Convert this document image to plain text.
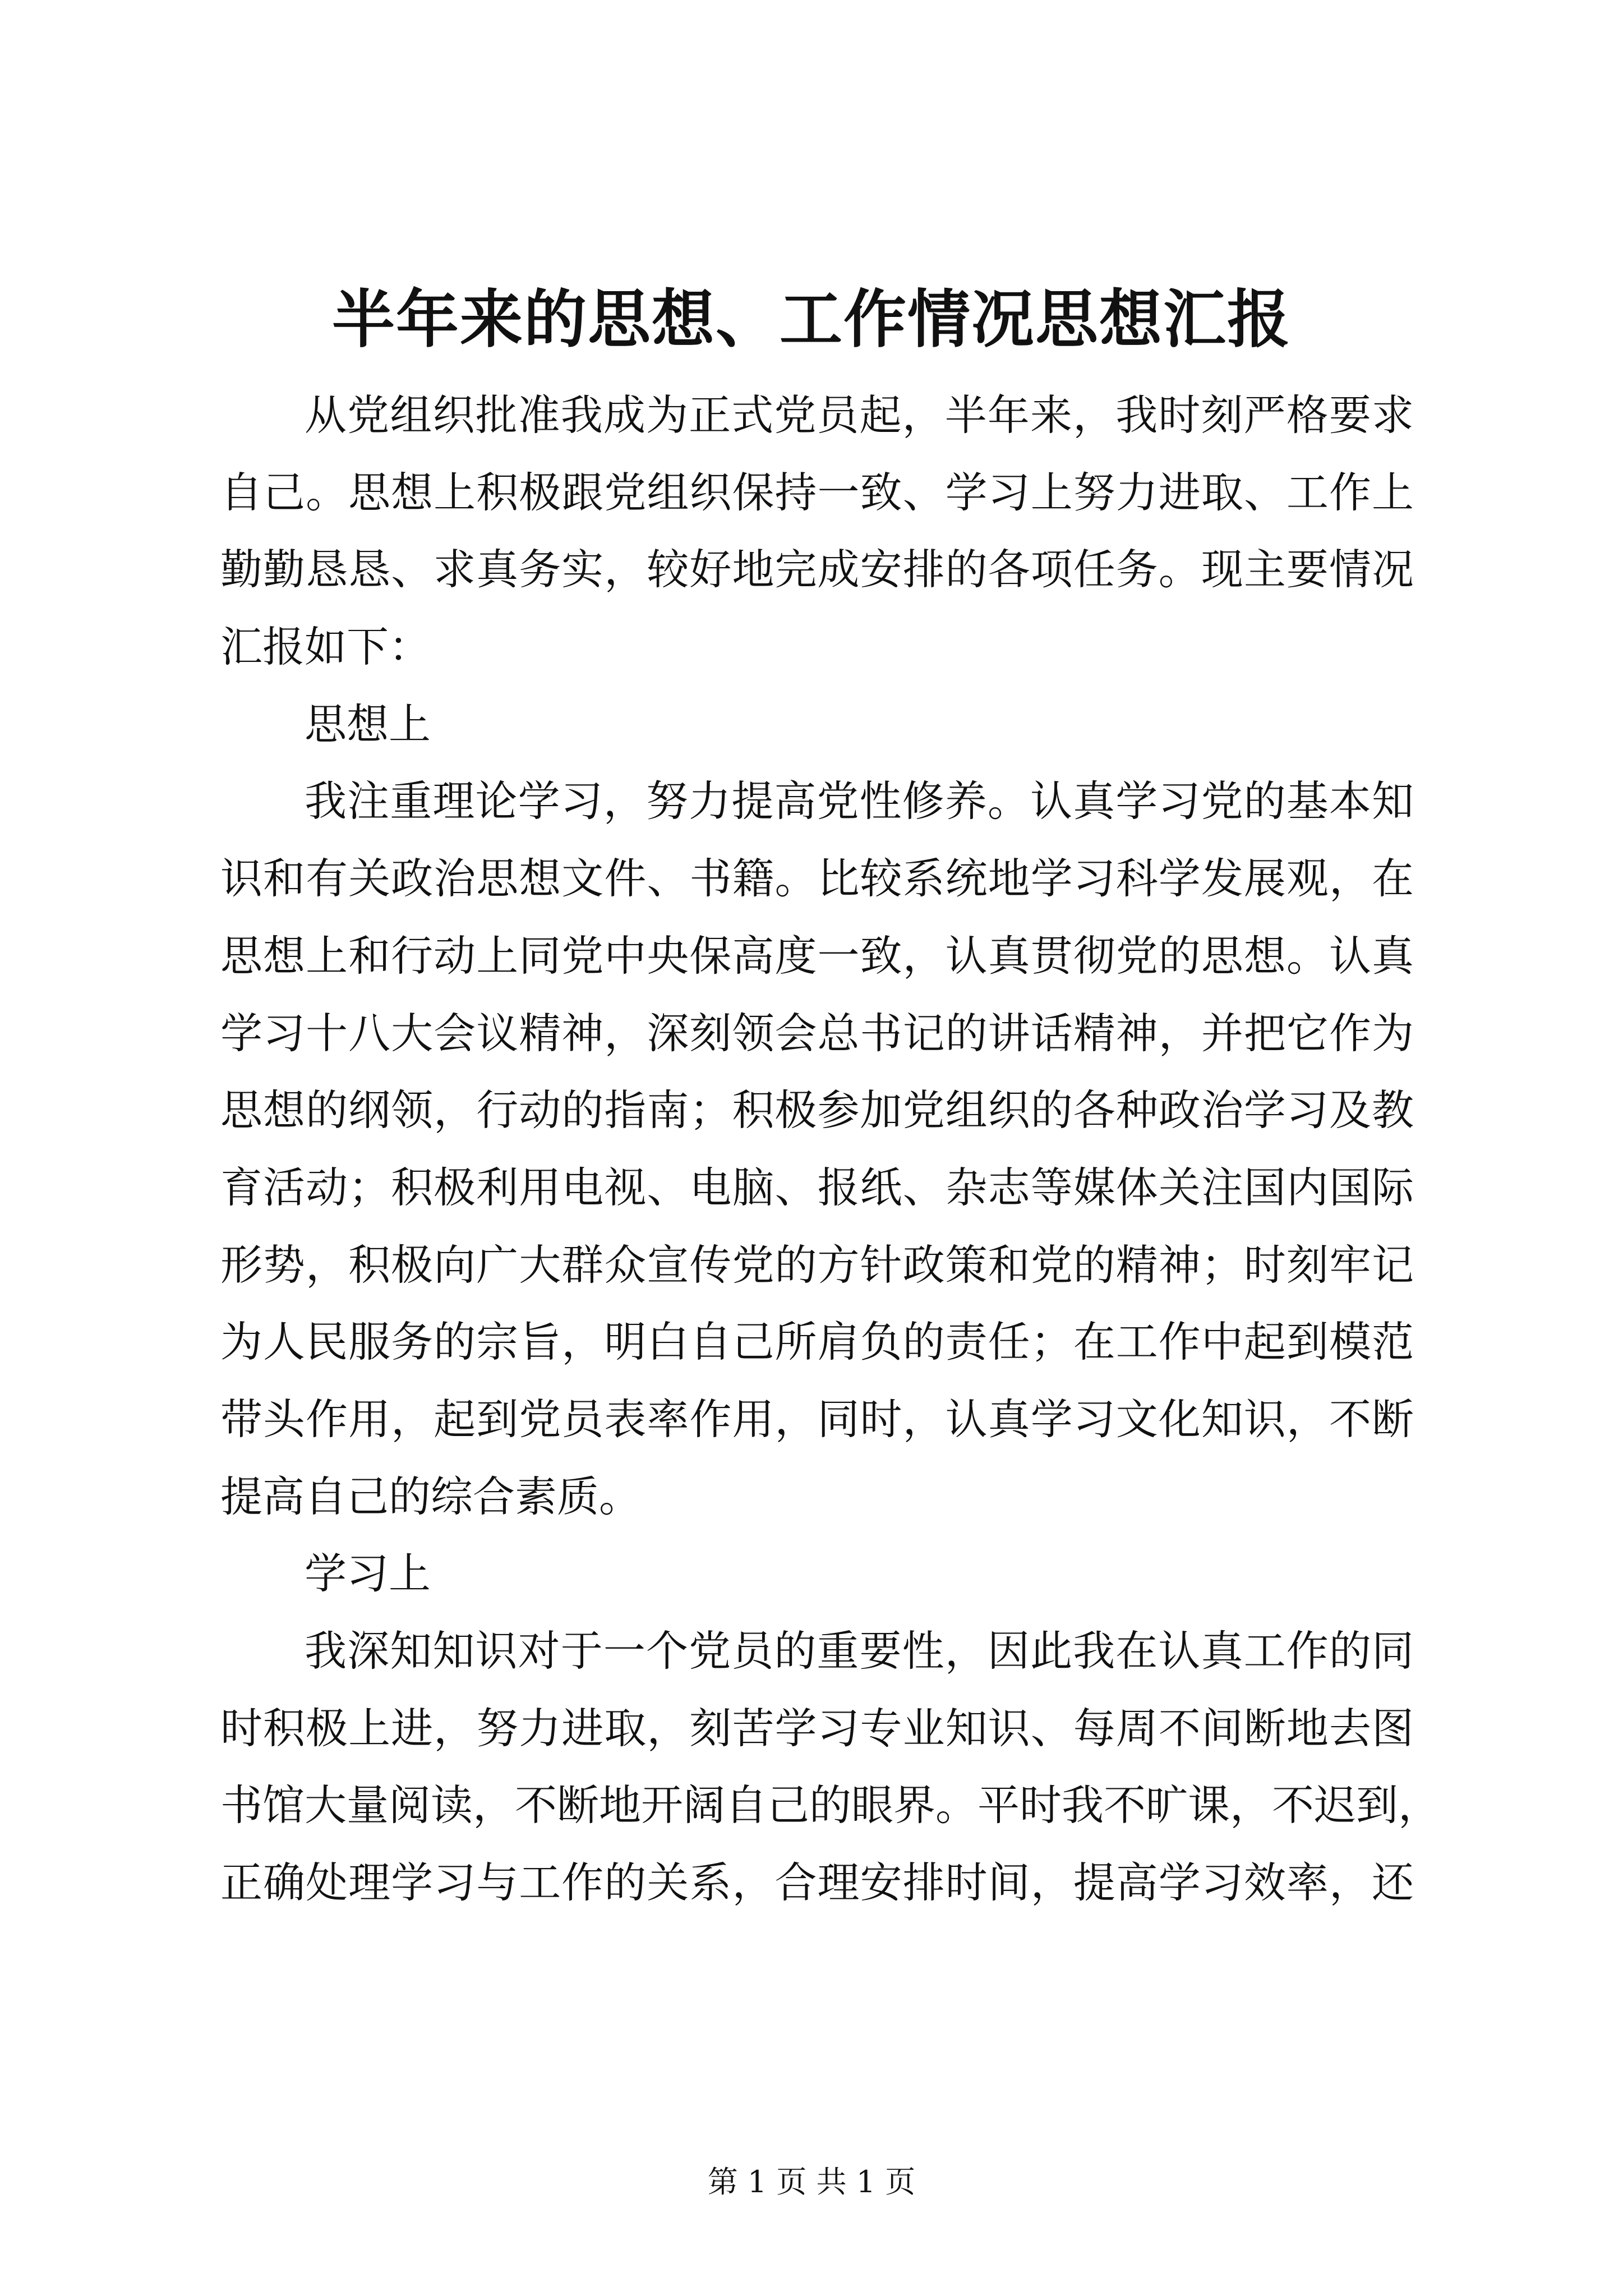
半年来的思想、工作情况思想汇报
从党组织批准我成为正式党员起，半年来，我时刻严格要求
自己。思想上积极跟党组织保持一致、学习上努力进取、工作上
勤勤恳恳、求真务实，较好地完成安排的各项任务。现主要情况
汇报如下：
思想上
我注重理论学习，努力提高党性修养。认真学习党的基本知
识和有关政治思想文件、书籍。比较系统地学习科学发展观，在
思想上和行动上同党中央保高度一致，认真贯彻党的思想。认真
学习十八大会议精神，深刻领会总书记的讲话精神，并把它作为
思想的纲领，行动的指南；积极参加党组织的各种政治学习及教
育活动；积极利用电视、电脑、报纸、杂志等媒体关注国内国际
形势，积极向广大群众宣传党的方针政策和党的精神；时刻牢记
为人民服务的宗旨，明白自己所肩负的责任；在工作中起到模范
带头作用，起到党员表率作用，同时，认真学习文化知识，不断
提高自己的综合素质。
学习上
我深知知识对于一个党员的重要性，因此我在认真工作的同
时积极上进，努力进取，刻苦学习专业知识、每周不间断地去图
书馆大量阅读，不断地开阔自己的眼界。平时我不旷课，不迟到，
正确处理学习与工作的关系，合理安排时间，提高学习效率，还
第 1 页 共 1 页
